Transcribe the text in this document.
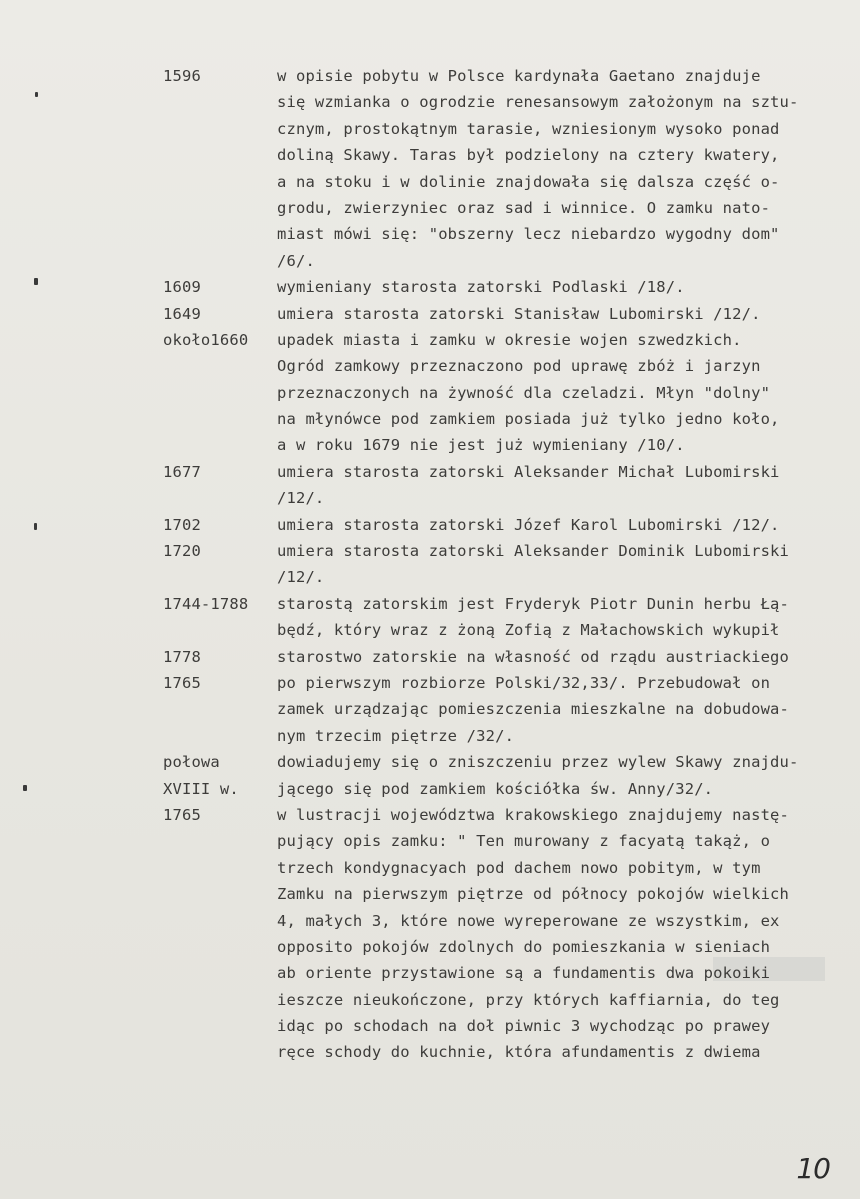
1596	w opisie pobytu w Polsce kardynała Gaetano znajduje
się wzmianka o ogrodzie renesansowym założonym na sztu-
cznym, prostokątnym tarasie, wzniesionym wysoko ponad
doliną Skawy. Taras był podzielony na cztery kwatery,
a na stoku i w dolinie znajdowała się dalsza część o-
grodu, zwierzyniec oraz sad i winnice. O zamku nato-
miast mówi się: "obszerny lecz niebardzo wygodny dom"
/6/.
1609	wymieniany starosta zatorski Podlaski /18/.
1649	umiera starosta zatorski Stanisław Lubomirski /12/.
około1660	upadek miasta i zamku w okresie wojen szwedzkich.
Ogród zamkowy przeznaczono pod uprawę zbóż i jarzyn
przeznaczonych na żywność dla czeladzi. Młyn "dolny"
na młynówce pod zamkiem posiada już tylko jedno koło,
a w roku 1679 nie jest już wymieniany /10/.
1677	umiera starosta zatorski Aleksander Michał Lubomirski
/12/.
1702	umiera starosta zatorski Józef Karol Lubomirski /12/.
1720	umiera starosta zatorski Aleksander Dominik Lubomirski
/12/.
1744-1788	starostą zatorskim jest Fryderyk Piotr Dunin herbu Łą-
będź, który wraz z żoną Zofią z Małachowskich wykupił
1778	starostwo zatorskie na własność od rządu austriackiego
1765	po pierwszym rozbiorze Polski/32,33/. Przebudował on
zamek urządzając pomieszczenia mieszkalne na dobudowa-
nym trzecim piętrze /32/.
połowa	dowiadujemy się o zniszczeniu przez wylew Skawy znajdu-
XVIII w.	jącego się pod zamkiem kościółka św. Anny/32/.
1765	w lustracji województwa krakowskiego znajdujemy nastę-
pujący opis zamku: " Ten murowany z facyatą takąż, o
trzech kondygnacyach pod dachem nowo pobitym, w tym
Zamku na pierwszym piętrze od północy pokojów wielkich
4, małych 3, które nowe wyreperowane ze wszystkim, ex
opposito pokojów zdolnych do pomieszkania w sieniach
ab oriente przystawione są a fundamentis dwa pokoiki
ieszcze nieukończone, przy których kaffiarnia, do teg
idąc po schodach na doł piwnic 3 wychodząc po prawey
ręce schody do kuchnie, która afundamentis z dwiema
10
